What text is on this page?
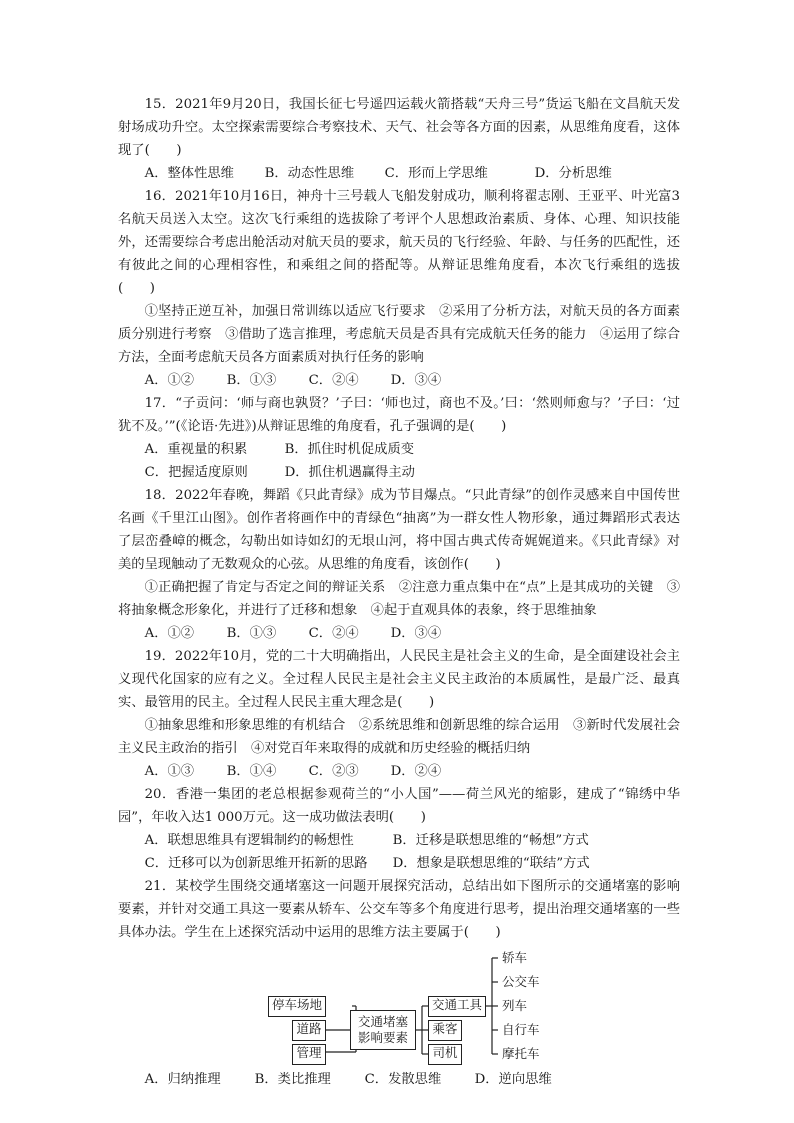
15．2021年9月20日，我国长征七号遥四运载火箭搭载“天舟三号”货运飞船在文昌航天发射场成功升空。太空探索需要综合考察技术、天气、社会等各方面的因素，从思维角度看，这体现了(　　)

A．整体性思维	B．动态性思维	C．形而上学思维	D．分析思维

16．2021年10月16日，神舟十三号载人飞船发射成功，顺利将翟志刚、王亚平、叶光富3名航天员送入太空。这次飞行乘组的选拔除了考评个人思想政治素质、身体、心理、知识技能外，还需要综合考虑出舱活动对航天员的要求，航天员的飞行经验、年龄、与任务的匹配性，还有彼此之间的心理相容性，和乘组之间的搭配等。从辩证思维角度看，本次飞行乘组的选拔(　　)

①坚持正逆互补，加强日常训练以适应飞行要求　②采用了分析方法，对航天员的各方面素质分别进行考察　③借助了选言推理，考虑航天员是否具有完成航天任务的能力　④运用了综合方法，全面考虑航天员各方面素质对执行任务的影响

A．①②	B．①③	C．②④	D．③④

17．“子贡问：‘师与商也孰贤？’子曰：‘师也过，商也不及。’曰：‘然则师愈与？’子曰：‘过犹不及。’”(《论语·先进》)从辩证思维的角度看，孔子强调的是(　　)

A．重视量的积累	B．抓住时机促成质变
C．把握适度原则	D．抓住机遇赢得主动

18．2022年春晚，舞蹈《只此青绿》成为节目爆点。“只此青绿”的创作灵感来自中国传世名画《千里江山图》。创作者将画作中的青绿色“抽离”为一群女性人物形象，通过舞蹈形式表达了层峦叠嶂的概念，勾勒出如诗如幻的无垠山河，将中国古典式传奇娓娓道来。《只此青绿》对美的呈现触动了无数观众的心弦。从思维的角度看，该创作(　　)

①正确把握了肯定与否定之间的辩证关系　②注意力重点集中在“点”上是其成功的关键　③将抽象概念形象化，并进行了迁移和想象　④起于直观具体的表象，终于思维抽象

A．①②	B．①③	C．②④	D．③④

19．2022年10月，党的二十大明确指出，人民民主是社会主义的生命，是全面建设社会主义现代化国家的应有之义。全过程人民民主是社会主义民主政治的本质属性，是最广泛、最真实、最管用的民主。全过程人民民主重大理念是(　　)

①抽象思维和形象思维的有机结合　②系统思维和创新思维的综合运用　③新时代发展社会主义民主政治的指引　④对党百年来取得的成就和历史经验的概括归纳

A．①③	B．①④	C．②③	D．②④

20．香港一集团的老总根据参观荷兰的“小人国”——荷兰风光的缩影，建成了“锦绣中华园”，年收入达1 000万元。这一成功做法表明(　　)

A．联想思维具有逻辑制约的畅想性	B．迁移是联想思维的“畅想”方式
C．迁移可以为创新思维开拓新的思路	D．想象是联想思维的“联结”方式

21．某校学生围绕交通堵塞这一问题开展探究活动，总结出如下图所示的交通堵塞的影响要素，并针对交通工具这一要素从轿车、公交车等多个角度进行思考，提出治理交通堵塞的一些具体办法。学生在上述探究活动中运用的思维方法主要属于(　　)

停车场地
道路
管理
交通堵塞
影响要素
交通工具
乘客
司机
轿车
公交车
列车
自行车
摩托车
A．归纳推理	B．类比推理	C．发散思维	D．逆向思维
